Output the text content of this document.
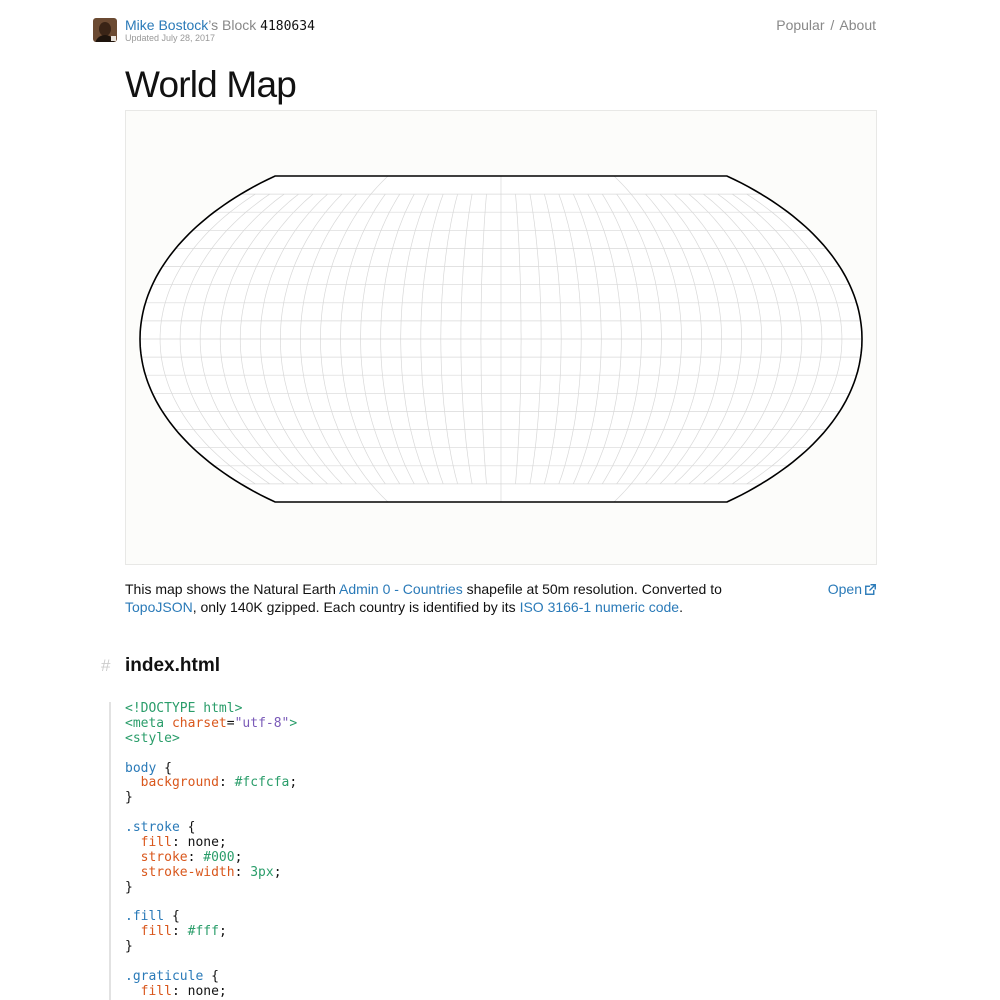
Mike Bostock’s Block 4180634
Updated July 28, 2017
Popular / About
World Map
This map shows the Natural Earth Admin 0 - Countries shapefile at 50m resolution. Converted to TopoJSON, only 140K gzipped. Each country is identified by its ISO 3166-1 numeric code.
Open
# index.html
<!DOCTYPE html>
<meta charset="utf-8">
<style>

body {
background: #fcfcfa;
}

.stroke {
fill: none;
stroke: #000;
stroke-width: 3px;
}

.fill {
fill: #fff;
}

.graticule {
fill: none;
